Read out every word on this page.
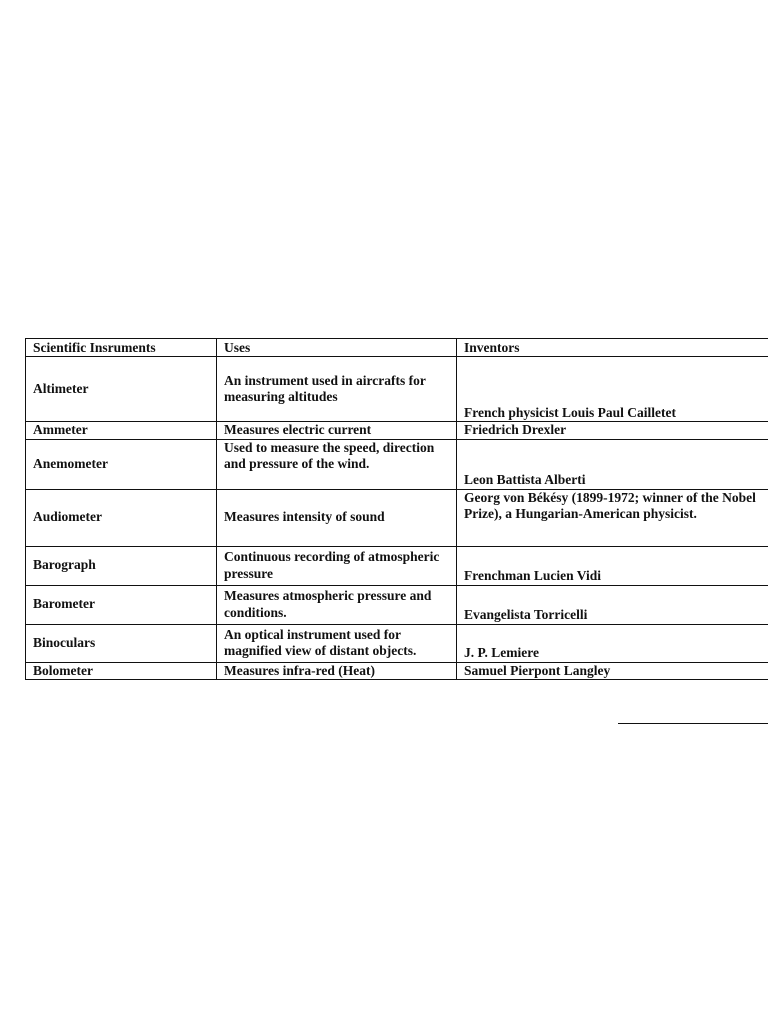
Scientific Insruments	Uses	Inventors
Altimeter	An instrument used in aircrafts for measuring altitudes	French physicist Louis Paul Cailletet
Ammeter	Measures electric current	Friedrich Drexler
Anemometer	Used to measure the speed, direction and pressure of the wind.	Leon Battista Alberti
Audiometer	Measures intensity of sound	Georg von Békésy (1899-1972; winner of the Nobel Prize), a Hungarian-American physicist.
Barograph	Continuous recording of atmospheric pressure	Frenchman Lucien Vidi
Barometer	Measures atmospheric pressure and conditions.	Evangelista Torricelli
Binoculars	An optical instrument used for magnified view of distant objects.	J. P. Lemiere
Bolometer	Measures infra-red (Heat)	Samuel Pierpont Langley
